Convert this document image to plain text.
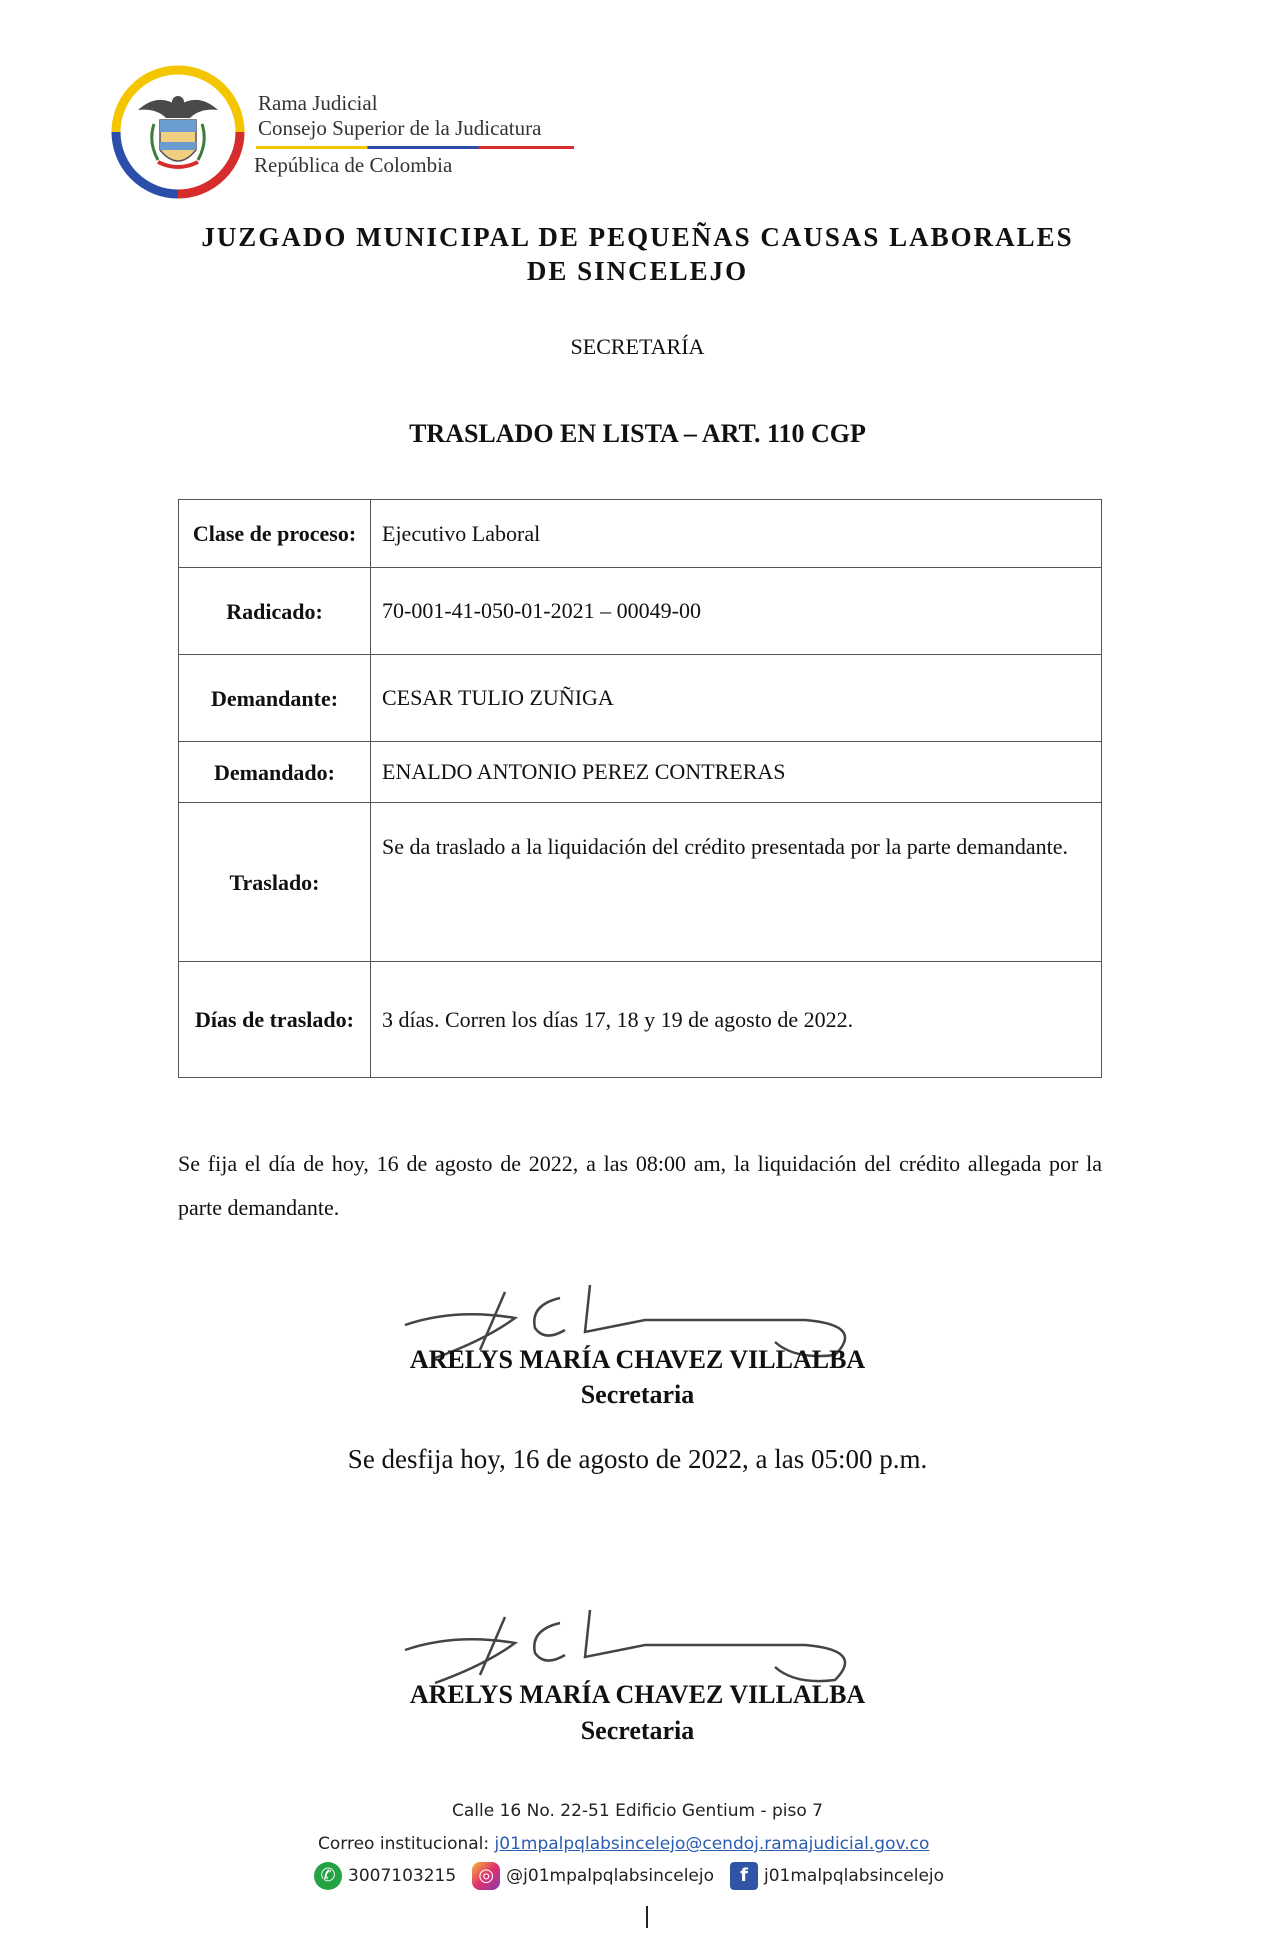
Rama Judicial
Consejo Superior de la Judicatura
República de Colombia
JUZGADO MUNICIPAL DE PEQUEÑAS CAUSAS LABORALES
DE SINCELEJO
SECRETARÍA
TRASLADO EN LISTA – ART. 110 CGP
Clase de proceso:	Ejecutivo Laboral
Radicado:	70-001-41-050-01-2021 – 00049-00
Demandante:	CESAR TULIO ZUÑIGA
Demandado:	ENALDO ANTONIO PEREZ CONTRERAS
Traslado:	Se da traslado a la liquidación del crédito presentada por la parte demandante.
Días de traslado:	3 días. Corren los días 17, 18 y 19 de agosto de 2022.
Se fija el día de hoy, 16 de agosto de 2022, a las 08:00 am, la liquidación del crédito allegada por la parte demandante.
ARELYS MARÍA CHAVEZ VILLALBA
Secretaria
Se desfija hoy, 16 de agosto de 2022, a las 05:00 p.m.
ARELYS MARÍA CHAVEZ VILLALBA
Secretaria
Calle 16 No. 22-51 Edificio Gentium - piso 7
Correo institucional: j01mpalpqlabsincelejo@cendoj.ramajudicial.gov.co
✆ 3007103215	◎ @j01mpalpqlabsincelejo	f j01malpqlabsincelejo
